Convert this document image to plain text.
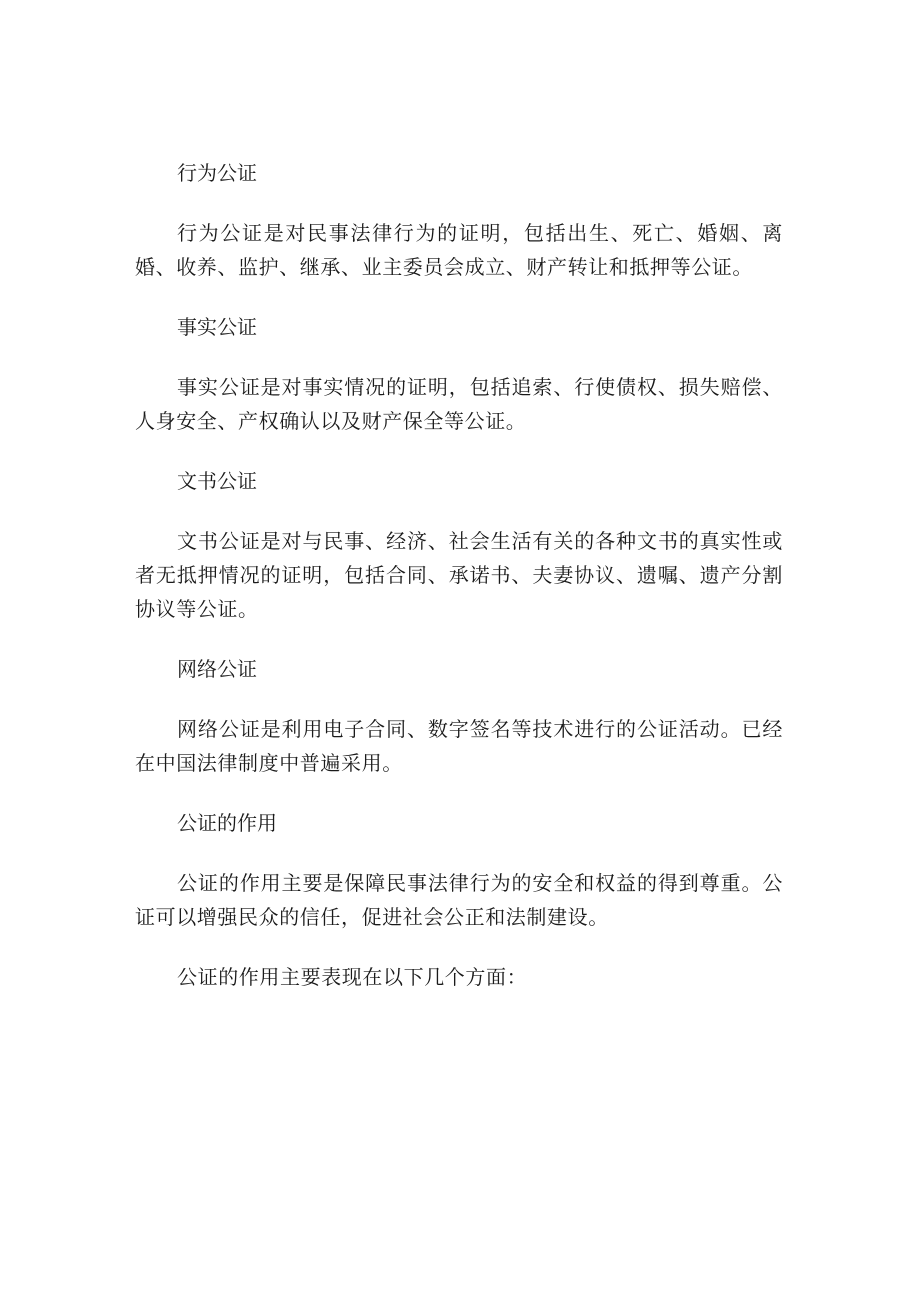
行为公证

行为公证是对民事法律行为的证明，包括出生、死亡、婚姻、离婚、收养、监护、继承、业主委员会成立、财产转让和抵押等公证。

事实公证

事实公证是对事实情况的证明，包括追索、行使债权、损失赔偿、人身安全、产权确认以及财产保全等公证。

文书公证

文书公证是对与民事、经济、社会生活有关的各种文书的真实性或者无抵押情况的证明，包括合同、承诺书、夫妻协议、遗嘱、遗产分割协议等公证。

网络公证

网络公证是利用电子合同、数字签名等技术进行的公证活动。已经在中国法律制度中普遍采用。

公证的作用

公证的作用主要是保障民事法律行为的安全和权益的得到尊重。公证可以增强民众的信任，促进社会公正和法制建设。

公证的作用主要表现在以下几个方面：
